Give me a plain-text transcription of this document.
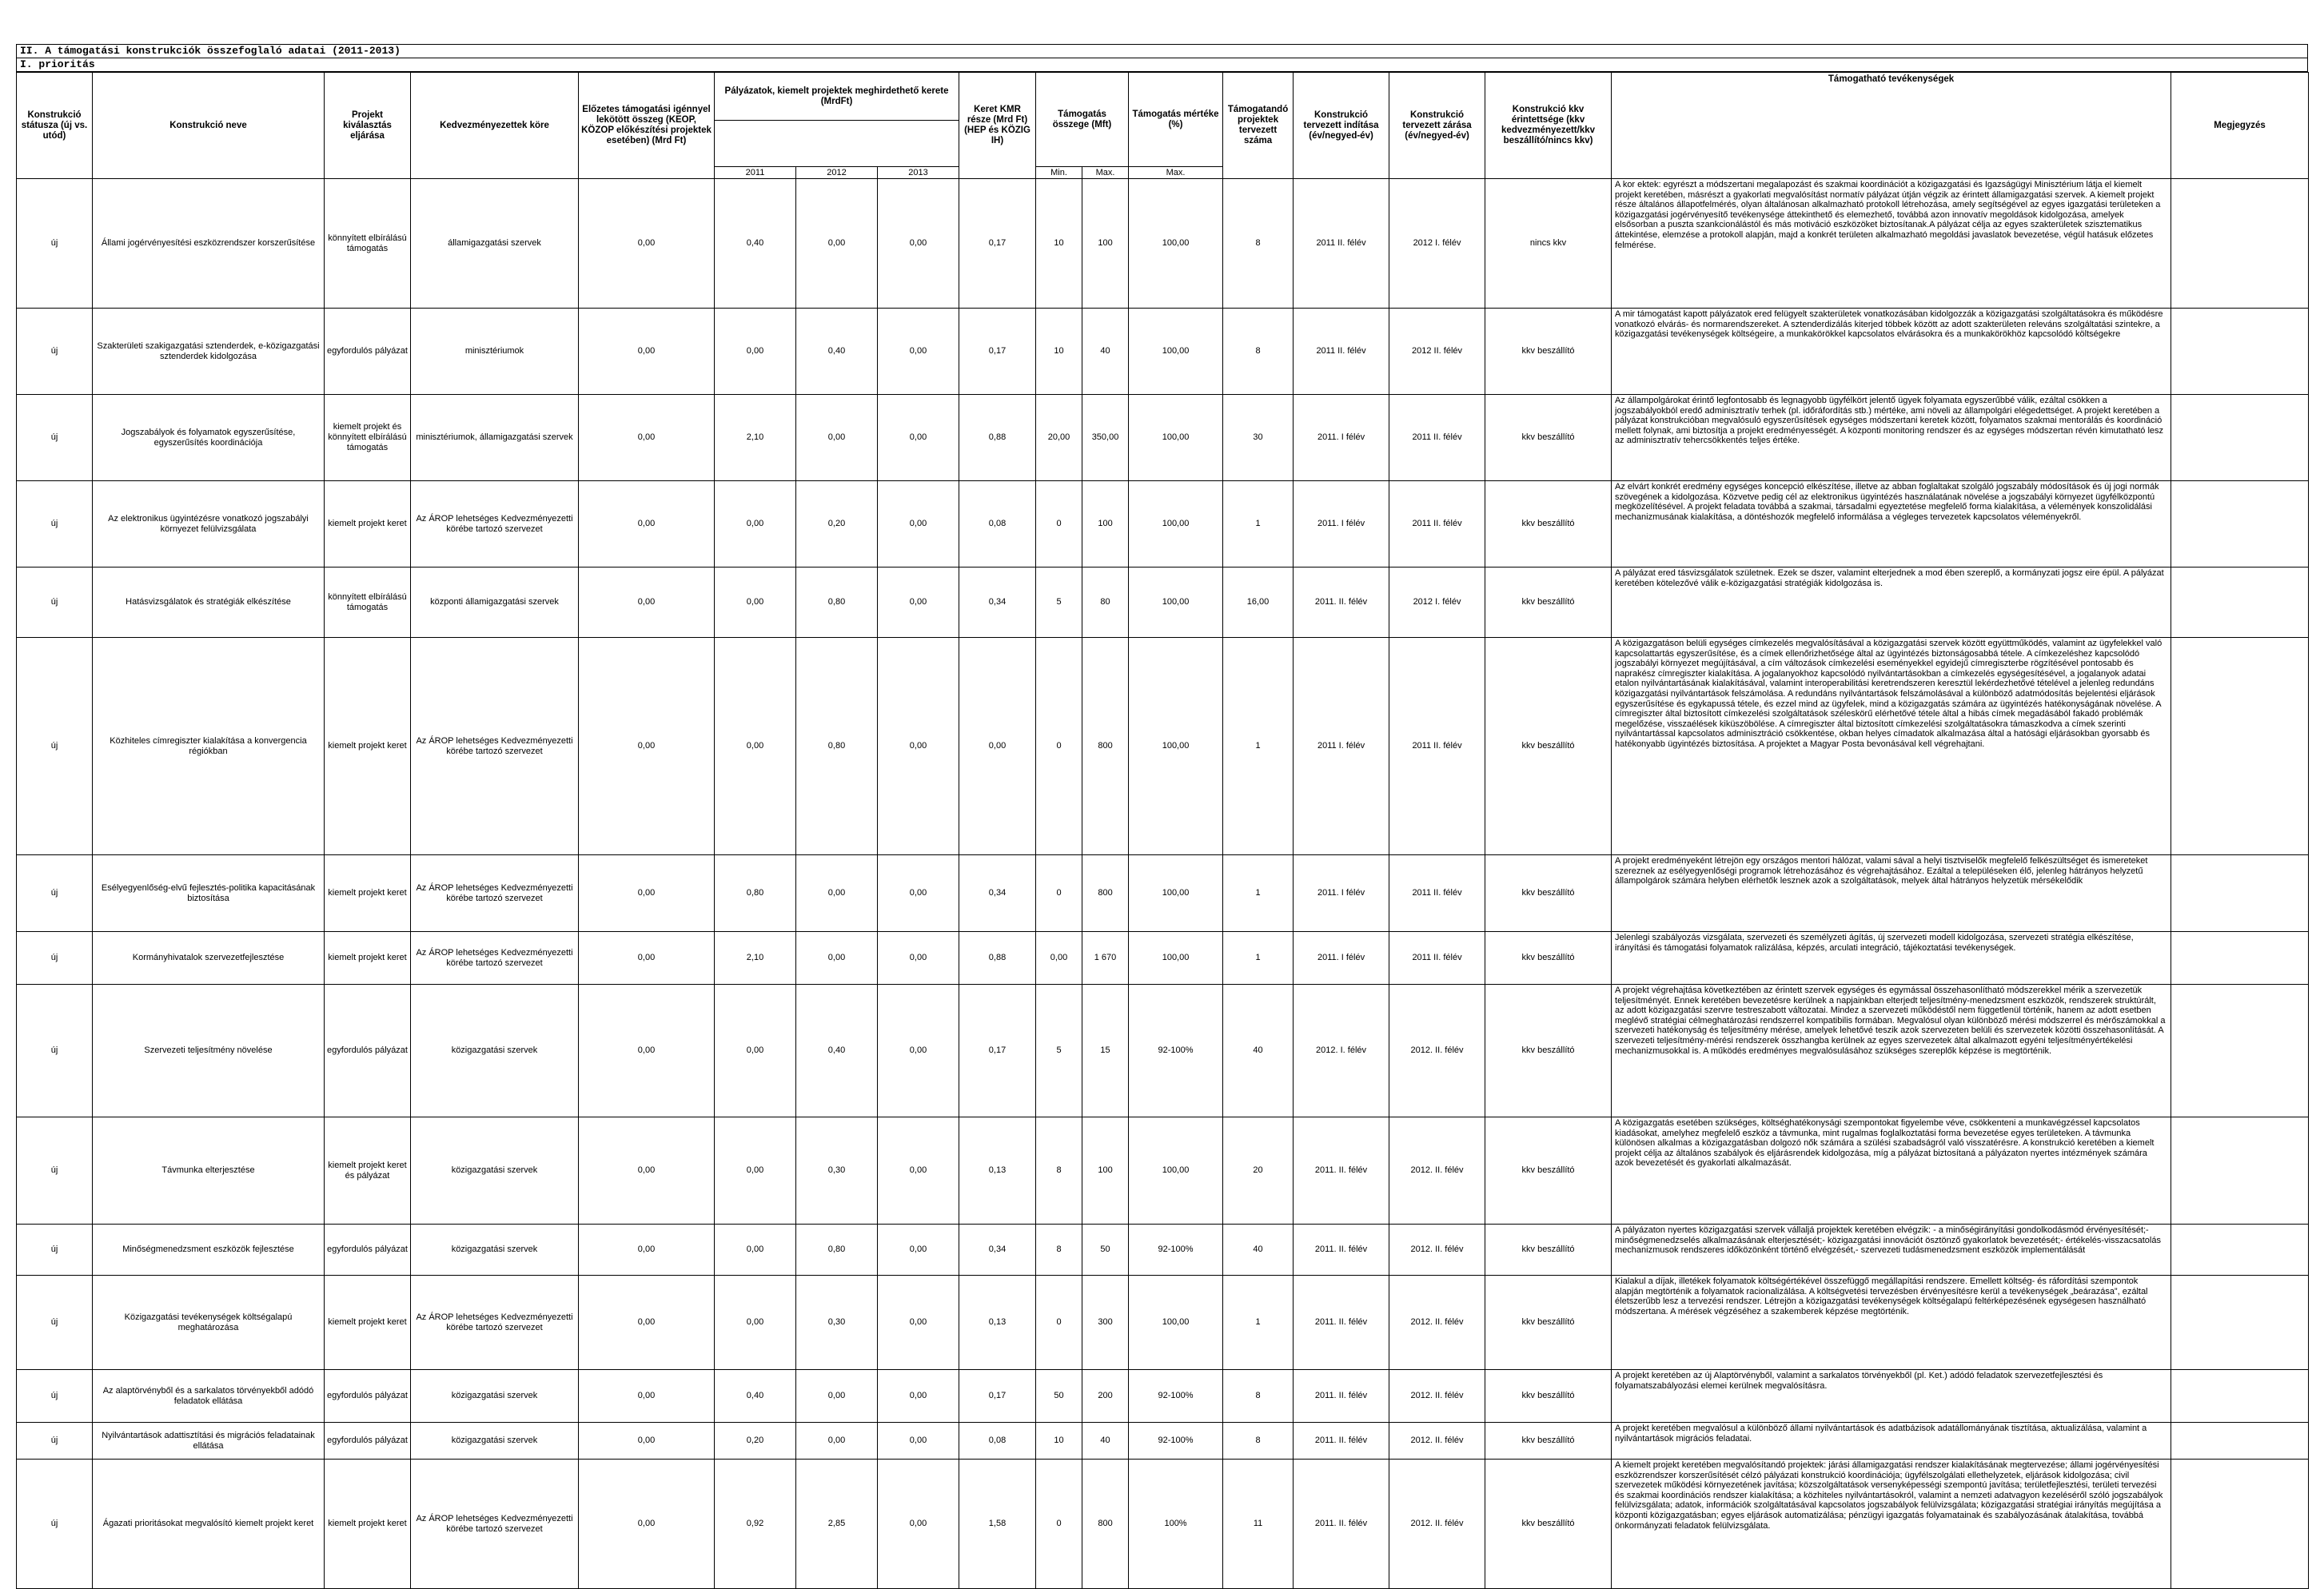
II. A támogatási konstrukciók összefoglaló adatai (2011-2013)
I. prioritás
Konstrukció státusza (új vs. utód)	Konstrukció neve	Projekt kiválasztás eljárása	Kedvezményezettek köre	Előzetes támogatási igénnyel lekötött összeg (KEOP, KÖZOP előkészítési projektek esetében) (Mrd Ft)	Pályázatok, kiemelt projektek meghirdethető kerete (MrdFt)			Keret KMR része (Mrd Ft) (HEP és KÖZIG IH)	Támogatás összege (Mft)		Támogatás mértéke (%)	Támogatandó projektek tervezett száma	Konstrukció tervezett indítása (év/negyed-év)	Konstrukció tervezett zárása (év/negyed-év)	Konstrukció kkv érintettsége (kkv kedvezményezett/kkv beszállító/nincs kkv)	Támogatható tevékenységek	Megjegyzés

					2011	2012	2013		Min.	Max.	Max.						
új	Állami jogérvényesítési eszközrendszer korszerűsítése	könnyített elbírálású támogatás	államigazgatási szervek	0,00	0,40	0,00	0,00	0,17	10	100	100,00	8	2011 II. félév	2012 I. félév	nincs kkv	A kor ektek: egyrészt a módszertani megalapozást és szakmai koordinációt a közigazgatási és Igazságügyi Minisztérium látja el kiemelt projekt keretében, másrészt a gyakorlati megvalósítást normatív pályázat útján végzik az érintett államigazgatási szervek. A kiemelt projekt része általános állapotfelmérés, olyan általánosan alkalmazható protokoll létrehozása, amely segítségével az egyes igazgatási területeken a közigazgatási jogérvényesítő tevékenysége áttekinthető és elemezhető, továbbá azon innovatív megoldások kidolgozása, amelyek elsősorban a puszta szankcionálástól és más motiváció eszközöket biztosítanak.A pályázat célja az egyes szakterületek szisztematikus áttekintése, elemzése a protokoll alapján, majd a konkrét területen alkalmazható megoldási javaslatok bevezetése, végül hatásuk előzetes felmérése.	
új	Szakterületi szakigazgatási sztenderdek, e-közigazgatási sztenderdek kidolgozása	egyfordulós pályázat	minisztériumok	0,00	0,00	0,40	0,00	0,17	10	40	100,00	8	2011 II. félév	2012 II. félév	kkv beszállító	A mir támogatást kapott pályázatok ered felügyelt szakterületek vonatkozásában kidolgozzák a közigazgatási szolgáltatásokra és működésre vonatkozó elvárás- és normarendszereket. A sztenderdizálás kiterjed többek között az adott szakterületen releváns szolgáltatási szintekre, a közigazgatási tevékenységek költségeire, a munkakörökkel kapcsolatos elvárásokra és a munkakörökhöz kapcsolódó költségekre	
új	Jogszabályok és folyamatok egyszerűsítése, egyszerűsítés koordinációja	kiemelt projekt és könnyített elbírálású támogatás	minisztériumok, államigazgatási szervek	0,00	2,10	0,00	0,00	0,88	20,00	350,00	100,00	30	2011. I félév	2011 II. félév	kkv beszállító	Az állampolgárokat érintő legfontosabb és legnagyobb ügyfélkört jelentő ügyek folyamata egyszerűbbé válik, ezáltal csökken a jogszabályokból eredő adminisztratív terhek (pl. időráfordítás stb.) mértéke, ami növeli az állampolgári elégedettséget. A projekt keretében a pályázat konstrukcióban megvalósuló egyszerűsítések egységes módszertani keretek között, folyamatos szakmai mentorálás és koordináció mellett folynak, ami biztosítja a projekt eredményességét. A központi monitoring rendszer és az egységes módszertan révén kimutatható lesz az adminisztratív tehercsökkentés teljes értéke.	
új	Az elektronikus ügyintézésre vonatkozó jogszabályi környezet felülvizsgálata	kiemelt projekt keret	Az ÁROP lehetséges Kedvezményezetti körébe tartozó szervezet	0,00	0,00	0,20	0,00	0,08	0	100	100,00	1	2011. I félév	2011 II. félév	kkv beszállító	Az elvárt konkrét eredmény egységes koncepció elkészítése, illetve az abban foglaltakat szolgáló jogszabály módosítások és új jogi normák szövegének a kidolgozása. Közvetve pedig cél az elektronikus ügyintézés használatának növelése a jogszabályi környezet ügyfélközpontú megközelítésével. A projekt feladata továbbá a szakmai, társadalmi egyeztetése megfelelő forma kialakítása, a vélemények konszolidálási mechanizmusának kialakítása, a döntéshozók megfelelő informálása a végleges tervezetek kapcsolatos véleményekről.	
új	Hatásvizsgálatok és stratégiák elkészítése	könnyített elbírálású támogatás	központi államigazgatási szervek	0,00	0,00	0,80	0,00	0,34	5	80	100,00	16,00	2011. II. félév	2012 I. félév	kkv beszállító	A pályázat ered tásvizsgálatok születnek. Ezek se dszer, valamint elterjednek a mod ében szereplő, a kormányzati jogsz eire épül. A pályázat keretében kötelezővé válik e-közigazgatási stratégiák kidolgozása is.	
új	Közhiteles címregiszter kialakítása a konvergencia régiókban	kiemelt projekt keret	Az ÁROP lehetséges Kedvezményezetti körébe tartozó szervezet	0,00	0,00	0,80	0,00	0,00	0	800	100,00	1	2011 I. félév	2011 II. félév	kkv beszállító	A közigazgatáson belüli egységes címkezelés megvalósításával a közigazgatási szervek között együttműködés, valamint az ügyfelekkel való kapcsolattartás egyszerűsítése, és a címek ellenőrizhetősége által az ügyintézés biztonságosabbá tétele. A címkezeléshez kapcsolódó jogszabályi környezet megújításával, a cím változások címkezelési eseményekkel egyidejű címregiszterbe rögzítésével pontosabb és naprakész címregiszter kialakítása. A jogalanyokhoz kapcsolódó nyilvántartásokban a címkezelés egységesítésével, a jogalanyok adatai etalon nyilvántartásának kialakításával, valamint interoperabilitási keretrendszeren keresztül lekérdezhetővé tételével a jelenleg redundáns közigazgatási nyilvántartások felszámolása. A redundáns nyilvántartások felszámolásával a különböző adatmódosítás bejelentési eljárások egyszerűsítése és egykapussá tétele, és ezzel mind az ügyfelek, mind a közigazgatás számára az ügyintézés hatékonyságának növelése. A címregiszter által biztosított címkezelési szolgáltatások széleskörű elérhetővé tétele által a hibás címek megadásából fakadó problémák megelőzése, visszaélések kiküszöbölése. A címregiszter által biztosított címkezelési szolgáltatásokra támaszkodva a címek szerinti nyilvántartással kapcsolatos adminisztráció csökkentése, okban helyes címadatok alkalmazása által a hatósági eljárásokban gyorsabb és hatékonyabb ügyintézés biztosítása. A projektet a Magyar Posta bevonásával kell végrehajtani.	
új	Esélyegyenlőség-elvű fejlesztés-politika kapacitásának biztosítása	kiemelt projekt keret	Az ÁROP lehetséges Kedvezményezetti körébe tartozó szervezet	0,00	0,80	0,00	0,00	0,34	0	800	100,00	1	2011. I félév	2011 II. félév	kkv beszállító	A projekt eredményeként létrejön egy országos mentori hálózat, valami sával a helyi tisztviselők megfelelő felkészültséget és ismereteket szereznek az esélyegyenlőségi programok létrehozásához és végrehajtásához. Ezáltal a településeken élő, jelenleg hátrányos helyzetű állampolgárok számára helyben elérhetők lesznek azok a szolgáltatások, melyek által hátrányos helyzetük mérsékelődik	
új	Kormányhivatalok szervezetfejlesztése	kiemelt projekt keret	Az ÁROP lehetséges Kedvezményezetti körébe tartozó szervezet	0,00	2,10	0,00	0,00	0,88	0,00	1 670	100,00	1	2011. I félév	2011 II. félév	kkv beszállító	Jelenlegi szabályozás vizsgálata, szervezeti és személyzeti ágítás, új szervezeti modell kidolgozása, szervezeti stratégia elkészítése, irányítási és támogatási folyamatok ralizálása, képzés, arculati integráció, tájékoztatási tevékenységek.	
új	Szervezeti teljesítmény növelése	egyfordulós pályázat	közigazgatási szervek	0,00	0,00	0,40	0,00	0,17	5	15	92-100%	40	2012. I. félév	2012. II. félév	kkv beszállító	A projekt végrehajtása következtében az érintett szervek egységes és egymással összehasonlítható módszerekkel mérik a szervezetük teljesítményét. Ennek keretében bevezetésre kerülnek a napjainkban elterjedt teljesítmény-menedzsment eszközök, rendszerek struktúrált, az adott közigazgatási szervre testreszabott változatai. Mindez a szervezeti működéstől nem függetlenül történik, hanem az adott esetben meglévő stratégiai célmeghatározási rendszerrel kompatibilis formában. Megvalósul olyan különböző mérési módszerrel és mérőszámokkal a szervezeti hatékonyság és teljesítmény mérése, amelyek lehetővé teszik azok szervezeten belüli és szervezetek közötti összehasonlítását. A szervezeti teljesítmény-mérési rendszerek összhangba kerülnek az egyes szervezetek által alkalmazott egyéni teljesítményértékelési mechanizmusokkal is. A működés eredményes megvalósulásához szükséges szereplők képzése is megtörténik.	
új	Távmunka elterjesztése	kiemelt projekt keret és pályázat	közigazgatási szervek	0,00	0,00	0,30	0,00	0,13	8	100	100,00	20	2011. II. félév	2012. II. félév	kkv beszállító	A közigazgatás esetében szükséges, költséghatékonysági szempontokat figyelembe véve, csökkenteni a munkavégzéssel kapcsolatos kiadásokat, amelyhez megfelelő eszköz a távmunka, mint rugalmas foglalkoztatási forma bevezetése egyes területeken. A távmunka különösen alkalmas a közigazgatásban dolgozó nők számára a szülési szabadságról való visszatérésre. A konstrukció keretében a kiemelt projekt célja az általános szabályok és eljárásrendek kidolgozása, míg a pályázat biztosítaná a pályázaton nyertes intézmények számára azok bevezetését és gyakorlati alkalmazását.	
új	Minőségmenedzsment eszközök fejlesztése	egyfordulós pályázat	közigazgatási szervek	0,00	0,00	0,80	0,00	0,34	8	50	92-100%	40	2011. II. félév	2012. II. félév	kkv beszállító	A pályázaton nyertes közigazgatási szervek vállaljá projektek keretében elvégzik: - a minőségirányítási gondolkodásmód érvényesítését;- minőségmenedzselés alkalmazásának elterjesztését;- közigazgatási innovációt ösztönző gyakorlatok bevezetését;- értékelés-visszacsatolás mechanizmusok rendszeres időközönként történő elvégzését,- szervezeti tudásmenedzsment eszközök implementálását	
új	Közigazgatási tevékenységek költségalapú meghatározása	kiemelt projekt keret	Az ÁROP lehetséges Kedvezményezetti körébe tartozó szervezet	0,00	0,00	0,30	0,00	0,13	0	300	100,00	1	2011. II. félév	2012. II. félév	kkv beszállító	Kialakul a díjak, illetékek folyamatok költségértékével összefüggő megállapítási rendszere. Emellett költség- és ráfordítási szempontok alapján megtörténik a folyamatok racionalizálása. A költségvetési tervezésben érvényesítésre kerül a tevékenységek „beárazása”, ezáltal életszerűbb lesz a tervezési rendszer. Létrejön a közigazgatási tevékenységek költségalapú feltérképezésének egységesen használható módszertana. A mérések végzéséhez a szakemberek képzése megtörténik.	
új	Az alaptörvényből és a sarkalatos törvényekből adódó feladatok ellátása	egyfordulós pályázat	közigazgatási szervek	0,00	0,40	0,00	0,00	0,17	50	200	92-100%	8	2011. II. félév	2012. II. félév	kkv beszállító	A projekt keretében az új Alaptörvényből, valamint a sarkalatos törvényekből (pl. Ket.) adódó feladatok szervezetfejlesztési és folyamatszabályozási elemei kerülnek megvalósításra.	
új	Nyilvántartások adattisztítási és migrációs feladatainak ellátása	egyfordulós pályázat	közigazgatási szervek	0,00	0,20	0,00	0,00	0,08	10	40	92-100%	8	2011. II. félév	2012. II. félév	kkv beszállító	A projekt keretében megvalósul a különböző állami nyilvántartások és adatbázisok adatállományának tisztítása, aktualizálása, valamint a nyilvántartások migrációs feladatai.	
új	Ágazati prioritásokat megvalósító kiemelt projekt keret	kiemelt projekt keret	Az ÁROP lehetséges Kedvezményezetti körébe tartozó szervezet	0,00	0,92	2,85	0,00	1,58	0	800	100%	11	2011. II. félév	2012. II. félév	kkv beszállító	A kiemelt projekt keretében megvalósítandó projektek: járási államigazgatási rendszer kialakításának megtervezése; állami jogérvényesítési eszközrendszer korszerűsítését célzó pályázati konstrukció koordinációja; ügyfélszolgálati ellethelyzetek, eljárások kidolgozása; civil szervezetek működési környezetének javítása; közszolgáltatások versenyképességi szempontú javítása; területfejlesztési, területi tervezési és szakmai koordinációs rendszer kialakítása; a közhiteles nyilvántartásokról, valamint a nemzeti adatvagyon kezeléséről szóló jogszabályok felülvizsgálata; adatok, információk szolgáltatásával kapcsolatos jogszabályok felülvizsgálata; közigazgatási stratégiai irányítás megújítása a központi közigazgatásban; egyes eljárások automatizálása; pénzügyi igazgatás folyamatainak és szabályozásának átalakítása, továbbá önkormányzati feladatok felülvizsgálata.	
